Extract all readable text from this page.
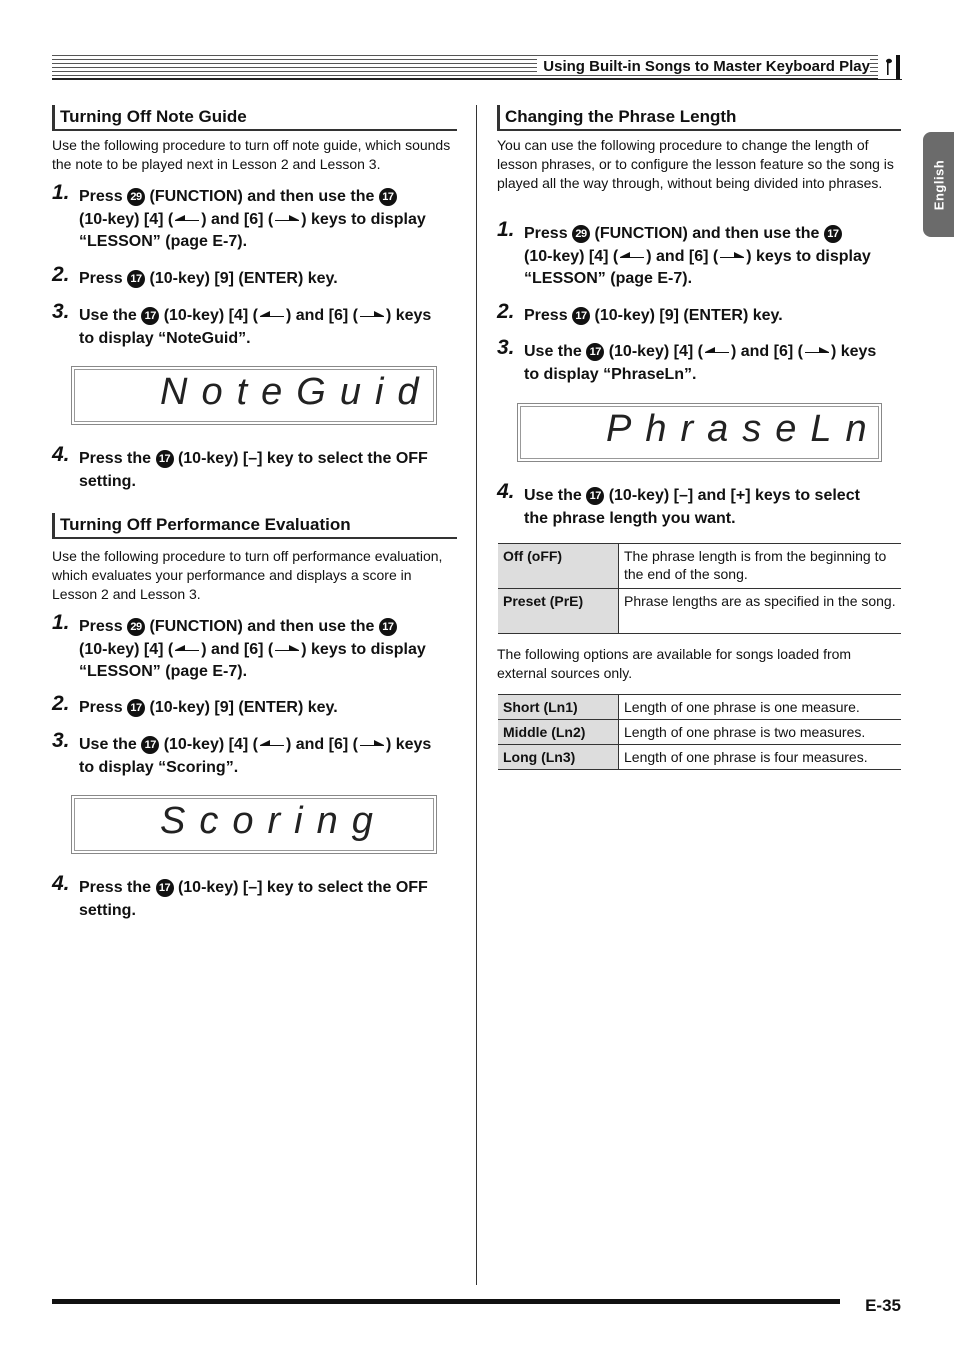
Using Built-in Songs to Master Keyboard Play
English
Turning Off Note Guide
Use the following procedure to turn off note guide, which sounds the note to be played next in Lesson 2 and Lesson 3.
1. Press 29 (FUNCTION) and then use the 17
(10-key) [4] ( ) and [6] ( ) keys to display
“LESSON” (page E-7).
2. Press 17 (10-key) [9] (ENTER) key.
3. Use the 17 (10-key) [4] ( ) and [6] ( ) keys
to display “NoteGuid”.
NoteGuid
4. Press the 17 (10-key) [–] key to select the OFF
setting.
Turning Off Performance Evaluation
Use the following procedure to turn off performance evaluation, which evaluates your performance and displays a score in Lesson 2 and Lesson 3.
1. Press 29 (FUNCTION) and then use the 17
(10-key) [4] ( ) and [6] ( ) keys to display
“LESSON” (page E-7).
2. Press 17 (10-key) [9] (ENTER) key.
3. Use the 17 (10-key) [4] ( ) and [6] ( ) keys
to display “Scoring”.
Scoring
4. Press the 17 (10-key) [–] key to select the OFF
setting.
Changing the Phrase Length
You can use the following procedure to change the length of lesson phrases, or to configure the lesson feature so the song is played all the way through, without being divided into phrases.
1. Press 29 (FUNCTION) and then use the 17
(10-key) [4] ( ) and [6] ( ) keys to display
“LESSON” (page E-7).
2. Press 17 (10-key) [9] (ENTER) key.
3. Use the 17 (10-key) [4] ( ) and [6] ( ) keys
to display “PhraseLn”.
PhraseLn
4. Use the 17 (10-key) [–] and [+] keys to select
the phrase length you want.
Off (oFF)	The phrase length is from the beginning to the end of the song.
Preset (PrE)	Phrase lengths are as specified in the song.
The following options are available for songs loaded from external sources only.
Short (Ln1)	Length of one phrase is one measure.
Middle (Ln2)	Length of one phrase is two measures.
Long (Ln3)	Length of one phrase is four measures.
E-35
